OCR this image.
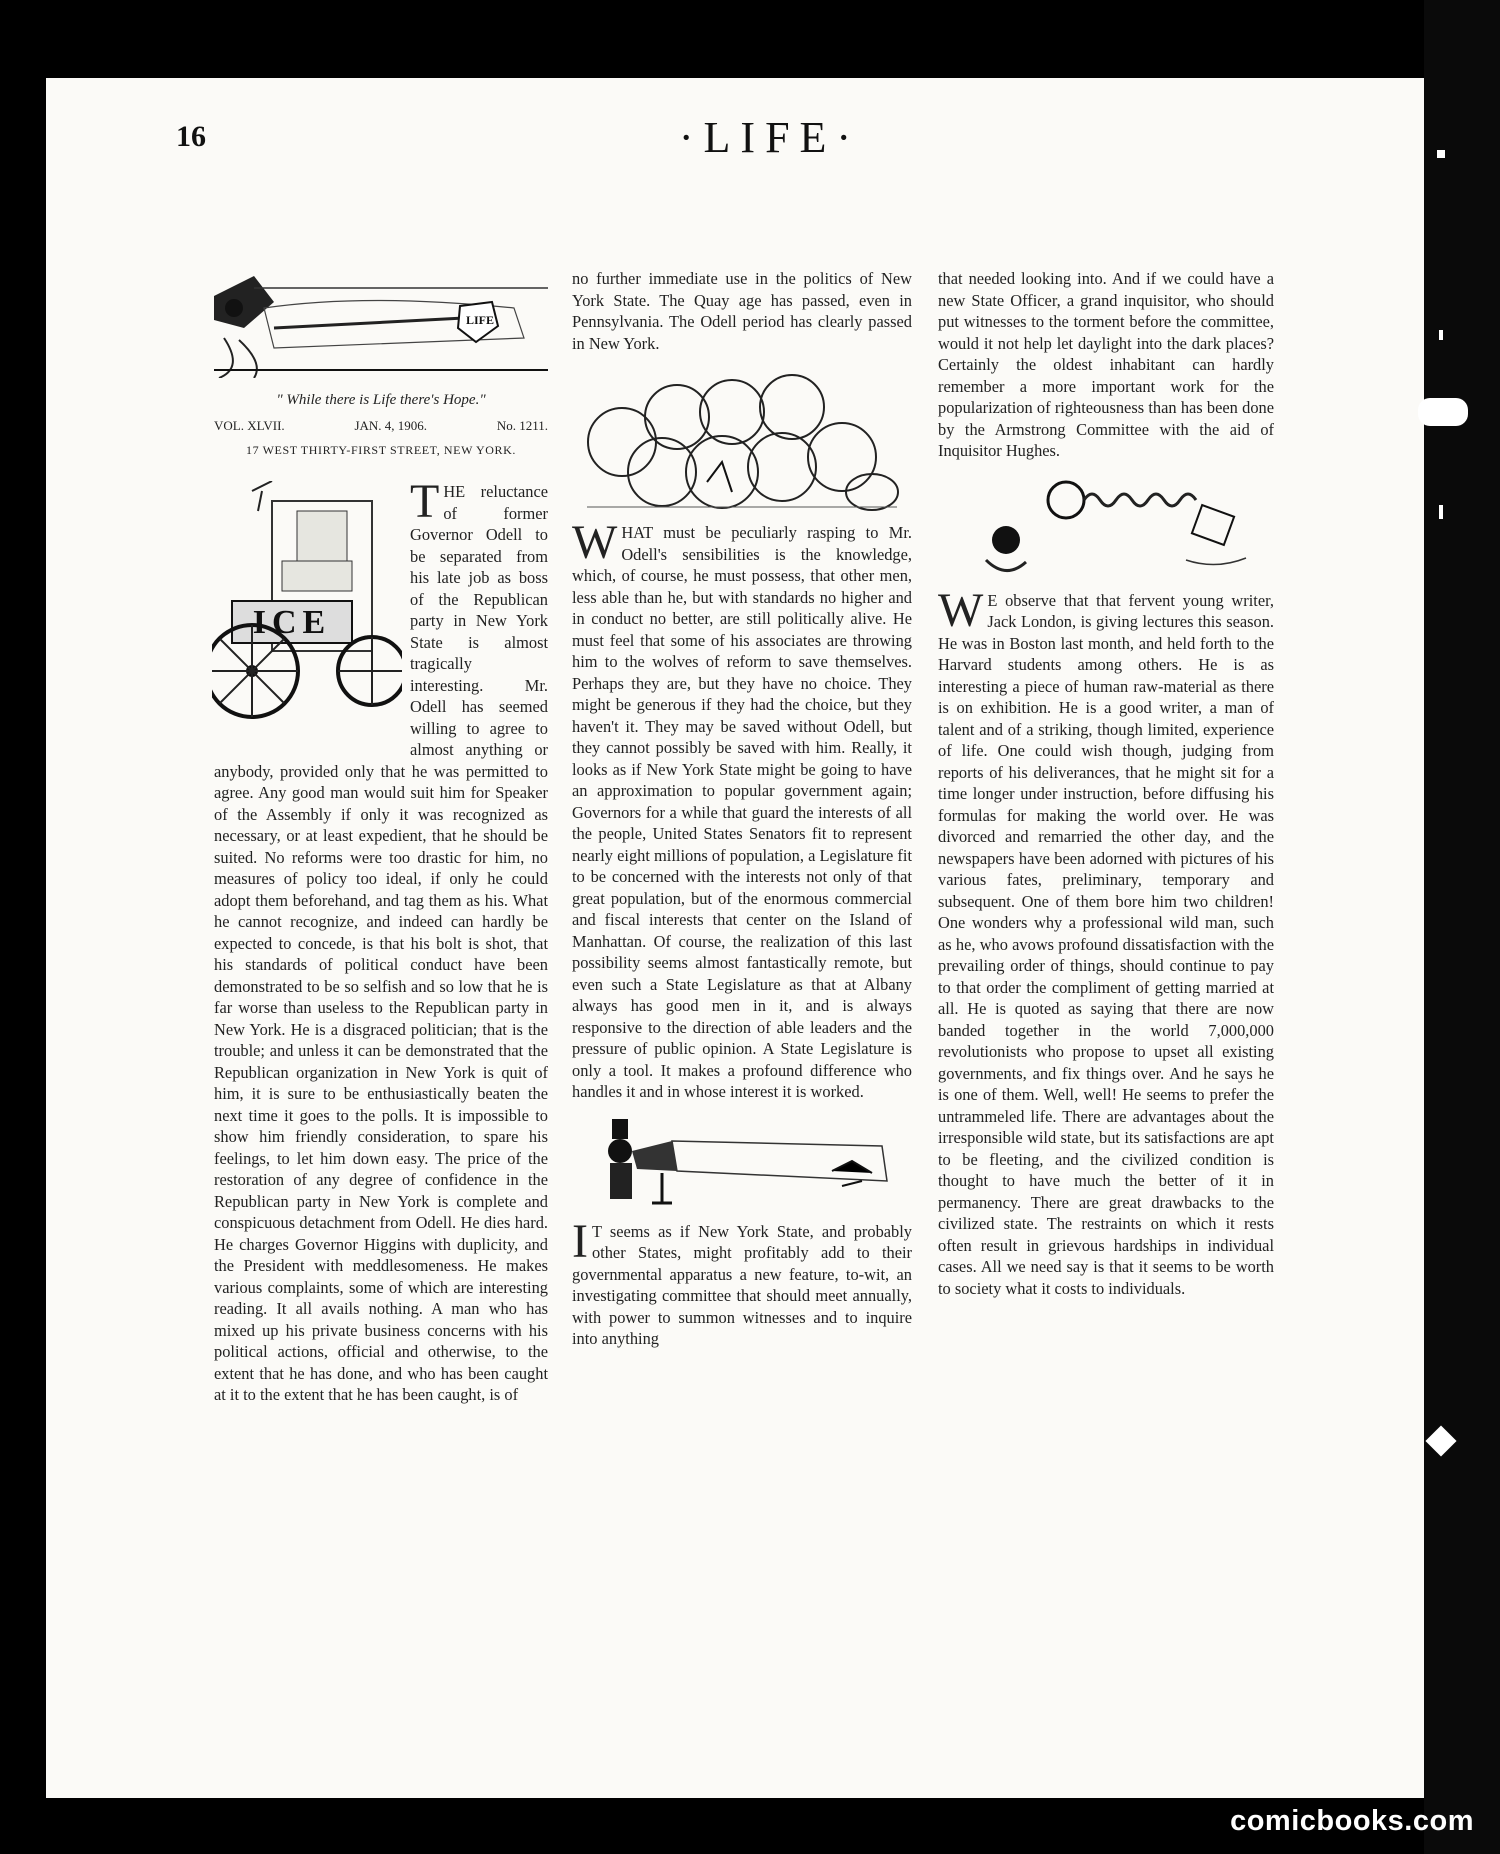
16	·LIFE·
LIFE
" While there is Life there's Hope."
VOL. XLVII.	JAN. 4, 1906.	No. 1211.
17 WEST THIRTY-FIRST STREET, NEW YORK.
ICE

THE reluctance of former Governor Odell to be separated from his late job as boss of the Republican party in New York State is almost tragically interesting. Mr. Odell has seemed willing to agree to almost anything or anybody, provided only that he was permitted to agree. Any good man would suit him for Speaker of the Assembly if only it was recognized as necessary, or at least expedient, that he should be suited. No reforms were too drastic for him, no measures of policy too ideal, if only he could adopt them beforehand, and tag them as his. What he cannot recognize, and indeed can hardly be expected to concede, is that his bolt is shot, that his standards of political conduct have been demonstrated to be so selfish and so low that he is far worse than useless to the Republican party in New York. He is a disgraced politician; that is the trouble; and unless it can be demonstrated that the Republican organization in New York is quit of him, it is sure to be enthusiastically beaten the next time it goes to the polls. It is impossible to show him friendly consideration, to spare his feelings, to let him down easy. The price of the restoration of any degree of confidence in the Republican party in New York is complete and conspicuous detachment from Odell. He dies hard. He charges Governor Higgins with duplicity, and the President with meddlesomeness. He makes various complaints, some of which are interesting reading. It all avails nothing. A man who has mixed up his private business concerns with his political actions, official and otherwise, to the extent that he has done, and who has been caught at it to the extent that he has been caught, is of

no further immediate use in the politics of New York State. The Quay age has passed, even in Pennsylvania. The Odell period has clearly passed in New York.

WHAT must be peculiarly rasping to Mr. Odell's sensibilities is the knowledge, which, of course, he must possess, that other men, less able than he, but with standards no higher and in conduct no better, are still politically alive. He must feel that some of his associates are throwing him to the wolves of reform to save themselves. Perhaps they are, but they have no choice. They might be generous if they had the choice, but they haven't it. They may be saved without Odell, but they cannot possibly be saved with him. Really, it looks as if New York State might be going to have an approximation to popular government again; Governors for a while that guard the interests of all the people, United States Senators fit to represent nearly eight millions of population, a Legislature fit to be concerned with the interests not only of that great population, but of the enormous commercial and fiscal interests that center on the Island of Manhattan. Of course, the realization of this last possibility seems almost fantastically remote, but even such a State Legislature as that at Albany always has good men in it, and is always responsive to the direction of able leaders and the pressure of public opinion. A State Legislature is only a tool. It makes a profound difference who handles it and in whose interest it is worked.

I T seems as if New York State, and probably other States, might profitably add to their governmental apparatus a new feature, to-wit, an investigating committee that should meet annually, with power to summon witnesses and to inquire into anything

that needed looking into. And if we could have a new State Officer, a grand inquisitor, who should put witnesses to the torment before the committee, would it not help let daylight into the dark places? Certainly the oldest inhabitant can hardly remember a more important work for the popularization of righteousness than has been done by the Armstrong Committee with the aid of Inquisitor Hughes.

W E observe that that fervent young writer, Jack London, is giving lectures this season. He was in Boston last month, and held forth to the Harvard students among others. He is as interesting a piece of human raw-material as there is on exhibition. He is a good writer, a man of talent and of a striking, though limited, experience of life. One could wish though, judging from reports of his deliverances, that he might sit for a time longer under instruction, before diffusing his formulas for making the world over. He was divorced and remarried the other day, and the newspapers have been adorned with pictures of his various fates, preliminary, temporary and subsequent. One of them bore him two children! One wonders why a professional wild man, such as he, who avows profound dissatisfaction with the prevailing order of things, should continue to pay to that order the compliment of getting married at all. He is quoted as saying that there are now banded together in the world 7,000,000 revolutionists who propose to upset all existing governments, and fix things over. And he says he is one of them. Well, well! He seems to prefer the untrammeled life. There are advantages about the irresponsible wild state, but its satisfactions are apt to be fleeting, and the civilized condition is thought to have much the better of it in permanency. There are great drawbacks to the civilized state. The restraints on which it rests often result in grievous hardships in individual cases. All we need say is that it seems to be worth to society what it costs to individuals.

comicbooks.com
